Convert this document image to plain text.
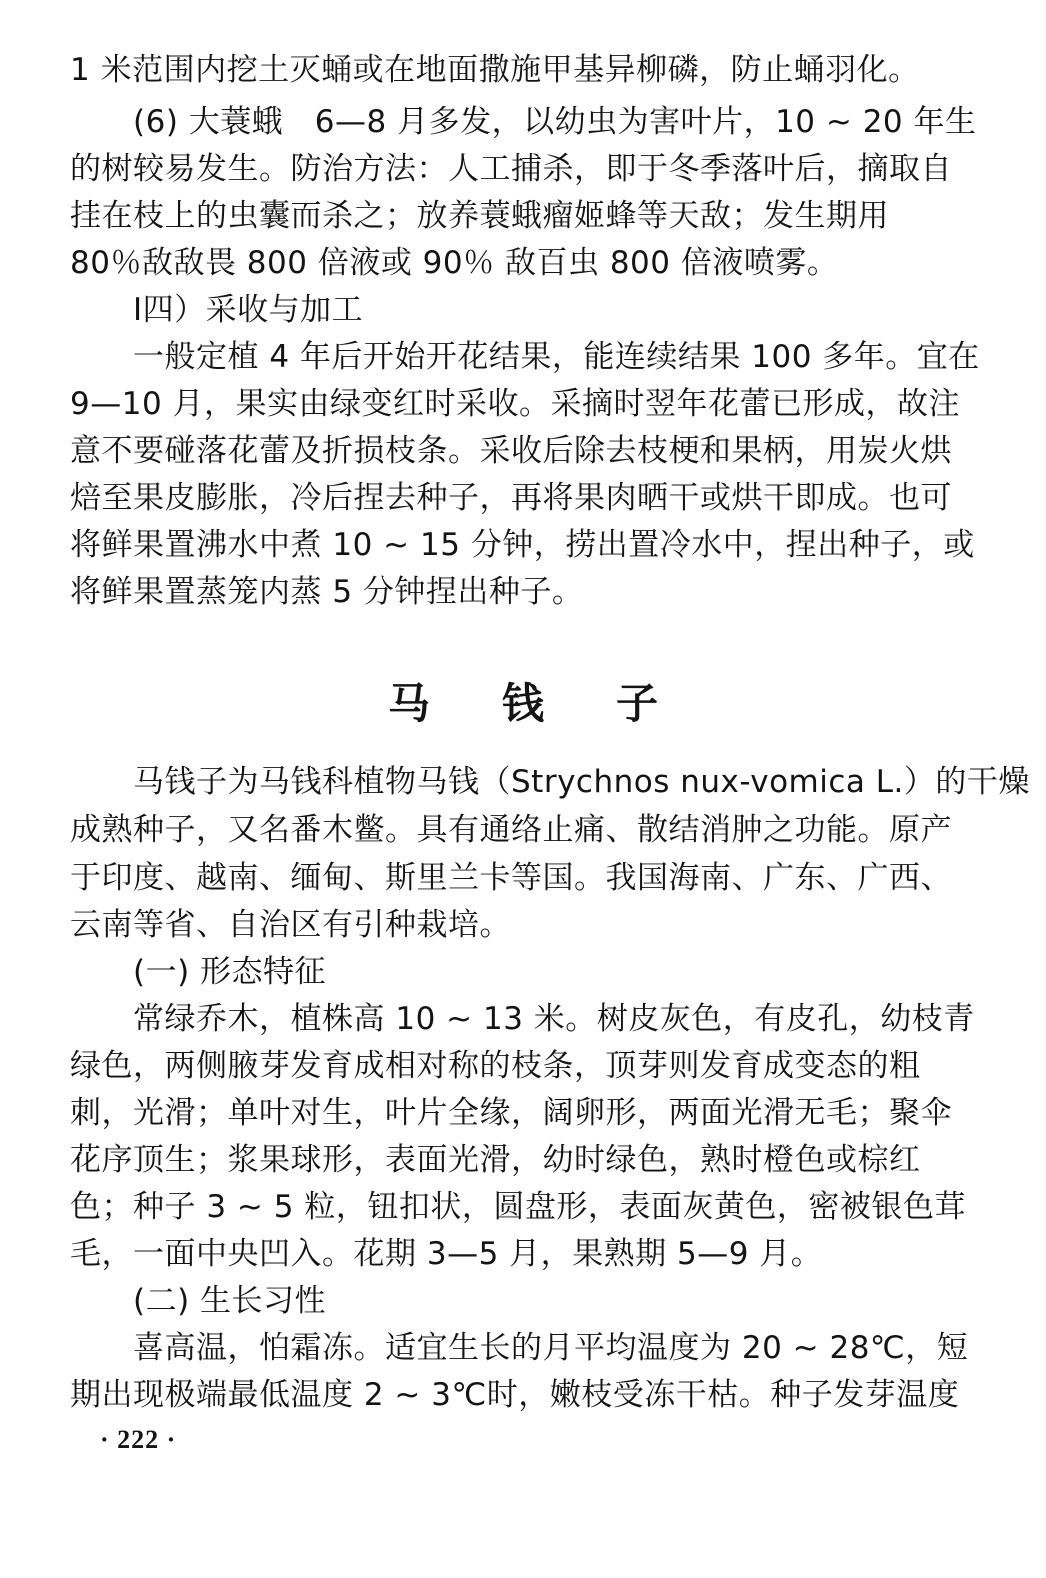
1 米范围内挖土灭蛹或在地面撒施甲基异柳磷，防止蛹羽化。
(6) 大蓑蛾　6—8 月多发，以幼虫为害叶片，10 ~ 20 年生
的树较易发生。防治方法：人工捕杀，即于冬季落叶后，摘取自
挂在枝上的虫囊而杀之；放养蓑蛾瘤姬蜂等天敌；发生期用
80％敌敌畏 800 倍液或 90％ 敌百虫 800 倍液喷雾。
I四）采收与加工
一般定植 4 年后开始开花结果，能连续结果 100 多年。宜在
9—10 月，果实由绿变红时采收。采摘时翌年花蕾已形成，故注
意不要碰落花蕾及折损枝条。采收后除去枝梗和果柄，用炭火烘
焙至果皮膨胀，冷后捏去种子，再将果肉晒干或烘干即成。也可
将鲜果置沸水中煮 10 ~ 15 分钟，捞出置冷水中，捏出种子，或
将鲜果置蒸笼内蒸 5 分钟捏出种子。
马钱子
马钱子为马钱科植物马钱（Strychnos nux-vomica L.）的干燥
成熟种子，又名番木鳖。具有通络止痛、散结消肿之功能。原产
于印度、越南、缅甸、斯里兰卡等国。我国海南、广东、广西、
云南等省、自治区有引种栽培。
(一) 形态特征
常绿乔木，植株高 10 ~ 13 米。树皮灰色，有皮孔，幼枝青
绿色，两侧腋芽发育成相对称的枝条，顶芽则发育成变态的粗
刺，光滑；单叶对生，叶片全缘，阔卵形，两面光滑无毛；聚伞
花序顶生；浆果球形，表面光滑，幼时绿色，熟时橙色或棕红
色；种子 3 ~ 5 粒，钮扣状，圆盘形，表面灰黄色，密被银色茸
毛，一面中央凹入。花期 3—5 月，果熟期 5—9 月。
(二) 生长习性
喜高温，怕霜冻。适宜生长的月平均温度为 20 ~ 28℃，短
期出现极端最低温度 2 ~ 3℃时，嫩枝受冻干枯。种子发芽温度
· 222 ·
